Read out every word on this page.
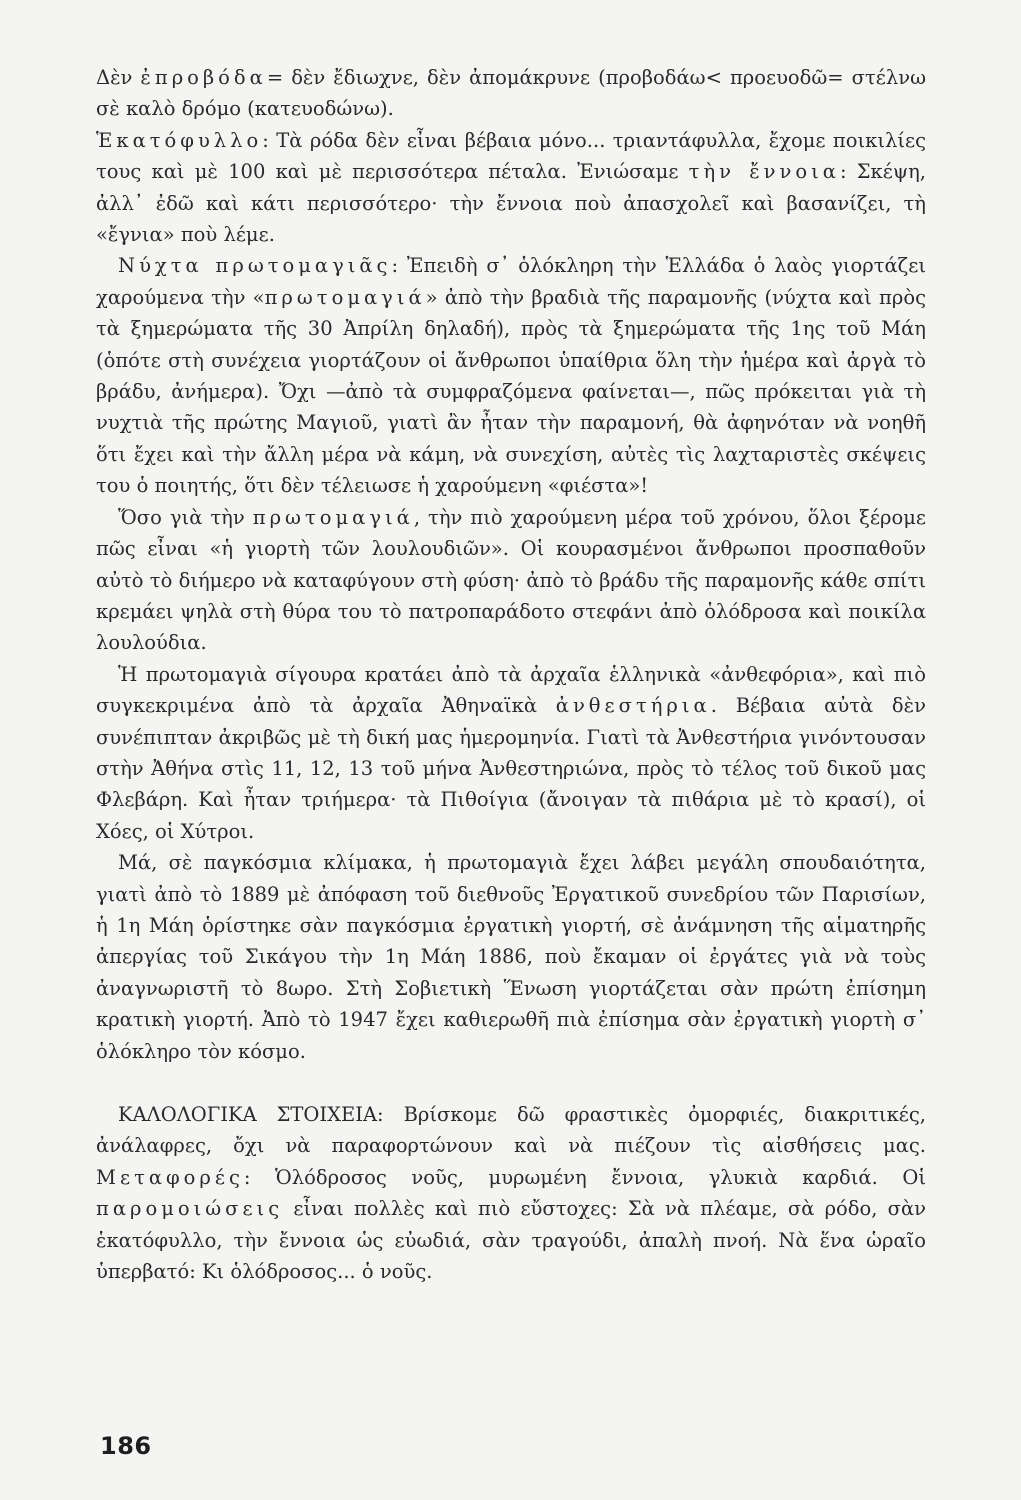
Δὲν ἐπροβόδα= δὲν ἔδιωχνε, δὲν ἀπομάκρυνε (προβοδάω< προευοδῶ= στέλνω σὲ καλὸ δρόμο (κατευοδώνω).

Ἑκατόφυλλο: Τὰ ρόδα δὲν εἶναι βέβαια μόνο... τριαντάφυλλα, ἔχομε ποικιλίες τους καὶ μὲ 100 καὶ μὲ περισσότερα πέταλα. Ἐνιώσαμε τὴν ἔννοια: Σκέψη, ἀλλ᾽ ἐδῶ καὶ κάτι περισσότερο· τὴν ἔννοια ποὺ ἀπασχολεῖ καὶ βασανίζει, τὴ «ἔγνια» ποὺ λέμε.

Νύχτα πρωτομαγιᾶς: Ἐπειδὴ σ᾽ ὁλόκληρη τὴν Ἑλλάδα ὁ λαὸς γιορτάζει χαρούμενα τὴν «πρωτομαγιά» ἀπὸ τὴν βραδιὰ τῆς παραμονῆς (νύχτα καὶ πρὸς τὰ ξημερώματα τῆς 30 Ἀπρίλη δηλαδή), πρὸς τὰ ξημερώματα τῆς 1ης τοῦ Μάη (ὁπότε στὴ συνέχεια γιορτάζουν οἱ ἄνθρωποι ὑπαίθρια ὅλη τὴν ἡμέρα καὶ ἀργὰ τὸ βράδυ, ἀνήμερα). Ὄχι —ἀπὸ τὰ συμφραζόμενα φαίνεται—, πῶς πρόκειται γιὰ τὴ νυχτιὰ τῆς πρώτης Μαγιοῦ, γιατὶ ἂν ἦταν τὴν παραμονή, θὰ ἀφηνόταν νὰ νοηθῆ ὅτι ἔχει καὶ τὴν ἄλλη μέρα νὰ κάμη, νὰ συνεχίση, αὐτὲς τὶς λαχταριστὲς σκέψεις του ὁ ποιητής, ὅτι δὲν τέλειωσε ἡ χαρούμενη «φιέστα»!

Ὅσο γιὰ τὴν πρωτομαγιά, τὴν πιὸ χαρούμενη μέρα τοῦ χρόνου, ὅλοι ξέρομε πῶς εἶναι «ἡ γιορτὴ τῶν λουλουδιῶν». Οἱ κουρασμένοι ἄνθρωποι προσπαθοῦν αὐτὸ τὸ διήμερο νὰ καταφύγουν στὴ φύση· ἀπὸ τὸ βράδυ τῆς παραμονῆς κάθε σπίτι κρεμάει ψηλὰ στὴ θύρα του τὸ πατροπαράδοτο στεφάνι ἀπὸ ὁλόδροσα καὶ ποικίλα λουλούδια.

Ἡ πρωτομαγιὰ σίγουρα κρατάει ἀπὸ τὰ ἀρχαῖα ἑλληνικὰ «ἀνθεφόρια», καὶ πιὸ συγκεκριμένα ἀπὸ τὰ ἀρχαῖα Ἀθηναϊκὰ ἀνθεστήρια. Βέβαια αὐτὰ δὲν συνέπιπταν ἀκριβῶς μὲ τὴ δική μας ἡμερομηνία. Γιατὶ τὰ Ἀνθεστήρια γινόντουσαν στὴν Ἀθήνα στὶς 11, 12, 13 τοῦ μήνα Ἀνθεστηριώνα, πρὸς τὸ τέλος τοῦ δικοῦ μας Φλεβάρη. Καὶ ἦταν τριήμερα· τὰ Πιθοίγια (ἄνοιγαν τὰ πιθάρια μὲ τὸ κρασί), οἱ Χόες, οἱ Χύτροι.

Μά, σὲ παγκόσμια κλίμακα, ἡ πρωτομαγιὰ ἔχει λάβει μεγάλη σπουδαιότητα, γιατὶ ἀπὸ τὸ 1889 μὲ ἀπόφαση τοῦ διεθνοῦς Ἐργατικοῦ συνεδρίου τῶν Παρισίων, ἡ 1η Μάη ὁρίστηκε σὰν παγκόσμια ἐργατικὴ γιορτή, σὲ ἀνάμνηση τῆς αἱματηρῆς ἀπεργίας τοῦ Σικάγου τὴν 1η Μάη 1886, ποὺ ἔκαμαν οἱ ἐργάτες γιὰ νὰ τοὺς ἀναγνωριστῆ τὸ 8ωρο. Στὴ Σοβιετικὴ Ἕνωση γιορτάζεται σὰν πρώτη ἐπίσημη κρατικὴ γιορτή. Ἀπὸ τὸ 1947 ἔχει καθιερωθῆ πιὰ ἐπίσημα σὰν ἐργατικὴ γιορτὴ σ᾽ ὁλόκληρο τὸν κόσμο.

ΚΑΛΟΛΟΓΙΚΑ ΣΤΟΙΧΕΙΑ: Βρίσκομε δῶ φραστικὲς ὀμορφιές, διακριτικές, ἀνάλαφρες, ὄχι νὰ παραφορτώνουν καὶ νὰ πιέζουν τὶς αἰσθήσεις μας. Μεταφορές: Ὁλόδροσος νοῦς, μυρωμένη ἔννοια, γλυκιὰ καρδιά. Οἱ παρομοιώσεις εἶναι πολλὲς καὶ πιὸ εὔστοχες: Σὰ νὰ πλέαμε, σὰ ρόδο, σὰν ἑκατόφυλλο, τὴν ἔννοια ὡς εὐωδιά, σὰν τραγούδι, ἀπαλὴ πνοή. Νὰ ἕνα ὡραῖο ὑπερβατό: Κι ὁλόδροσος... ὁ νοῦς.

186
